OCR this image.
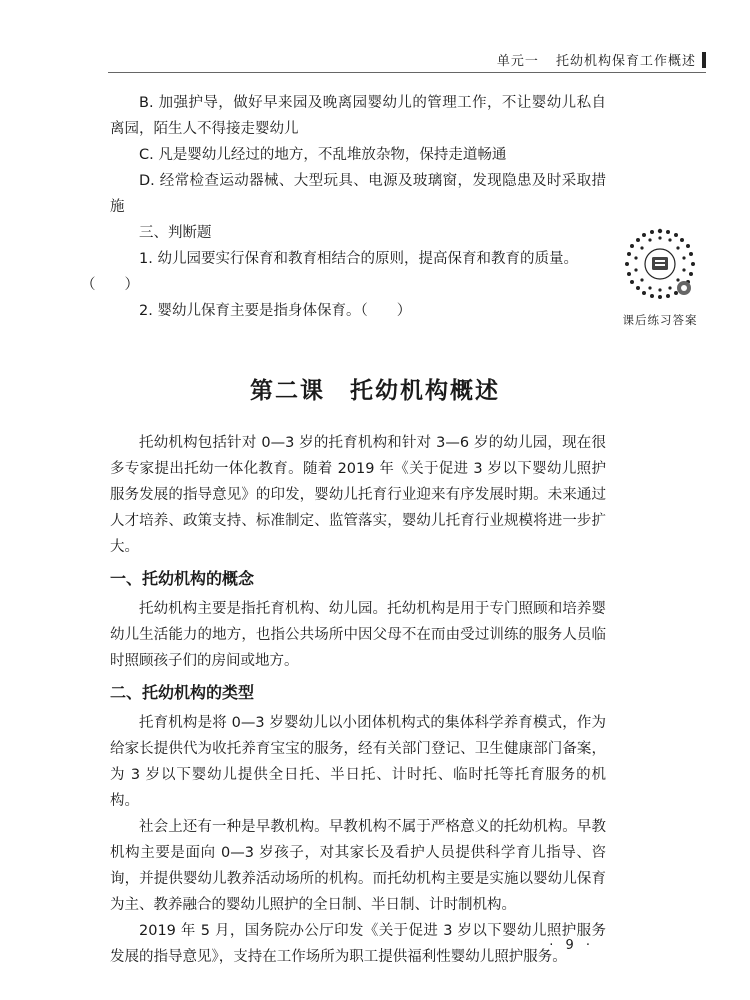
单元一
托幼机构保育工作概述

B. 加强护导，做好早来园及晚离园婴幼儿的管理工作，不让婴幼儿私自离园，陌生人不得接走婴幼儿

C. 凡是婴幼儿经过的地方，不乱堆放杂物，保持走道畅通

D. 经常检查运动器械、大型玩具、电源及玻璃窗，发现隐患及时采取措施

三、判断题

1. 幼儿园要实行保育和教育相结合的原则，提高保育和教育的质量。
（　　）

2. 婴幼儿保育主要是指身体保育。（　　）

课后练习答案
第二课　托幼机构概述

托幼机构包括针对 0—3 岁的托育机构和针对 3—6 岁的幼儿园，现在很多专家提出托幼一体化教育。随着 2019 年《关于促进 3 岁以下婴幼儿照护服务发展的指导意见》的印发，婴幼儿托育行业迎来有序发展时期。未来通过人才培养、政策支持、标准制定、监管落实，婴幼儿托育行业规模将进一步扩大。

一、托幼机构的概念

托幼机构主要是指托育机构、幼儿园。托幼机构是用于专门照顾和培养婴幼儿生活能力的地方，也指公共场所中因父母不在而由受过训练的服务人员临时照顾孩子们的房间或地方。

二、托幼机构的类型

托育机构是将 0—3 岁婴幼儿以小团体机构式的集体科学养育模式，作为给家长提供代为收托养育宝宝的服务，经有关部门登记、卫生健康部门备案，为 3 岁以下婴幼儿提供全日托、半日托、计时托、临时托等托育服务的机构。

社会上还有一种是早教机构。早教机构不属于严格意义的托幼机构。早教机构主要是面向 0—3 岁孩子，对其家长及看护人员提供科学育儿指导、咨询，并提供婴幼儿教养活动场所的机构。而托幼机构主要是实施以婴幼儿保育为主、教养融合的婴幼儿照护的全日制、半日制、计时制机构。

2019 年 5 月，国务院办公厅印发《关于促进 3 岁以下婴幼儿照护服务发展的指导意见》，支持在工作场所为职工提供福利性婴幼儿照护服务。

· 9 ·
